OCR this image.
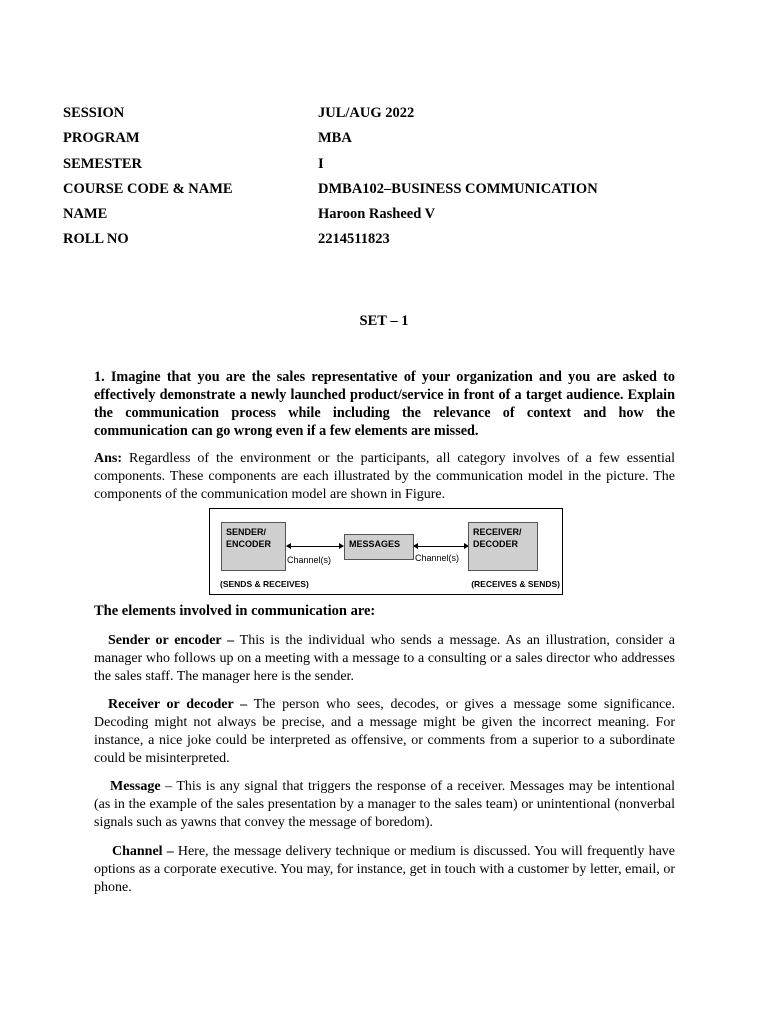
SESSION	JUL/AUG 2022
PROGRAM	MBA
SEMESTER	I
COURSE CODE & NAME	DMBA102–BUSINESS COMMUNICATION
NAME	Haroon Rasheed V
ROLL NO	2214511823
SET – 1
1. Imagine that you are the sales representative of your organization and you are asked to effectively demonstrate a newly launched product/service in front of a target audience. Explain the communication process while including the relevance of context and how the communication can go wrong even if a few elements are missed.
Ans: Regardless of the environment or the participants, all category involves of a few essential components. These components are each illustrated by the communication model in the picture. The components of the communication model are shown in Figure.
SENDER/
ENCODER
Channel(s)
MESSAGES
Channel(s)
RECEIVER/
DECODER
(SENDS & RECEIVES)	(RECEIVES & SENDS)
The elements involved in communication are:
Sender or encoder – This is the individual who sends a message. As an illustration, consider a manager who follows up on a meeting with a message to a consulting or a sales director who addresses the sales staff. The manager here is the sender.
Receiver or decoder – The person who sees, decodes, or gives a message some significance. Decoding might not always be precise, and a message might be given the incorrect meaning. For instance, a nice joke could be interpreted as offensive, or comments from a superior to a subordinate could be misinterpreted.
Message – This is any signal that triggers the response of a receiver. Messages may be intentional (as in the example of the sales presentation by a manager to the sales team) or unintentional (nonverbal signals such as yawns that convey the message of boredom).
Channel – Here, the message delivery technique or medium is discussed. You will frequently have options as a corporate executive. You may, for instance, get in touch with a customer by letter, email, or phone.
